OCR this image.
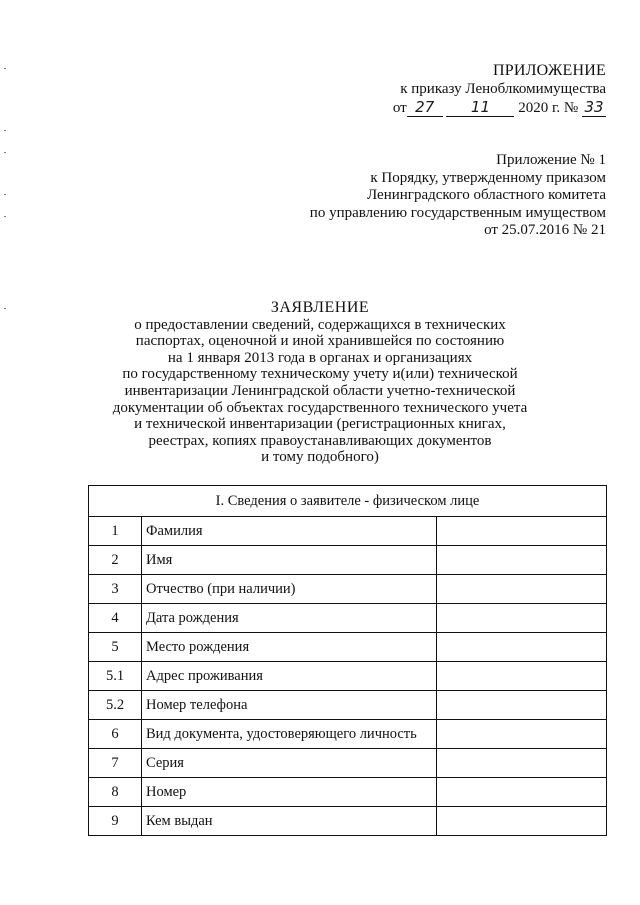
ПРИЛОЖЕНИЕ
к приказу Леноблкомимущества
от 27 11 2020 г. № 33
Приложение № 1
к Порядку, утвержденному приказом
Ленинградского областного комитета
по управлению государственным имуществом
от 25.07.2016 № 21
ЗАЯВЛЕНИЕ
о предоставлении сведений, содержащихся в технических
паспортах, оценочной и иной хранившейся по состоянию
на 1 января 2013 года в органах и организациях
по государственному техническому учету и(или) технической
инвентаризации Ленинградской области учетно-технической
документации об объектах государственного технического учета
и технической инвентаризации (регистрационных книгах,
реестрах, копиях правоустанавливающих документов
и тому подобного)
I. Сведения о заявителе - физическом лице		
1	Фамилия	
2	Имя	
3	Отчество (при наличии)	
4	Дата рождения	
5	Место рождения	
5.1	Адрес проживания	
5.2	Номер телефона	
6	Вид документа, удостоверяющего личность	
7	Серия	
8	Номер	
9	Кем выдан	
